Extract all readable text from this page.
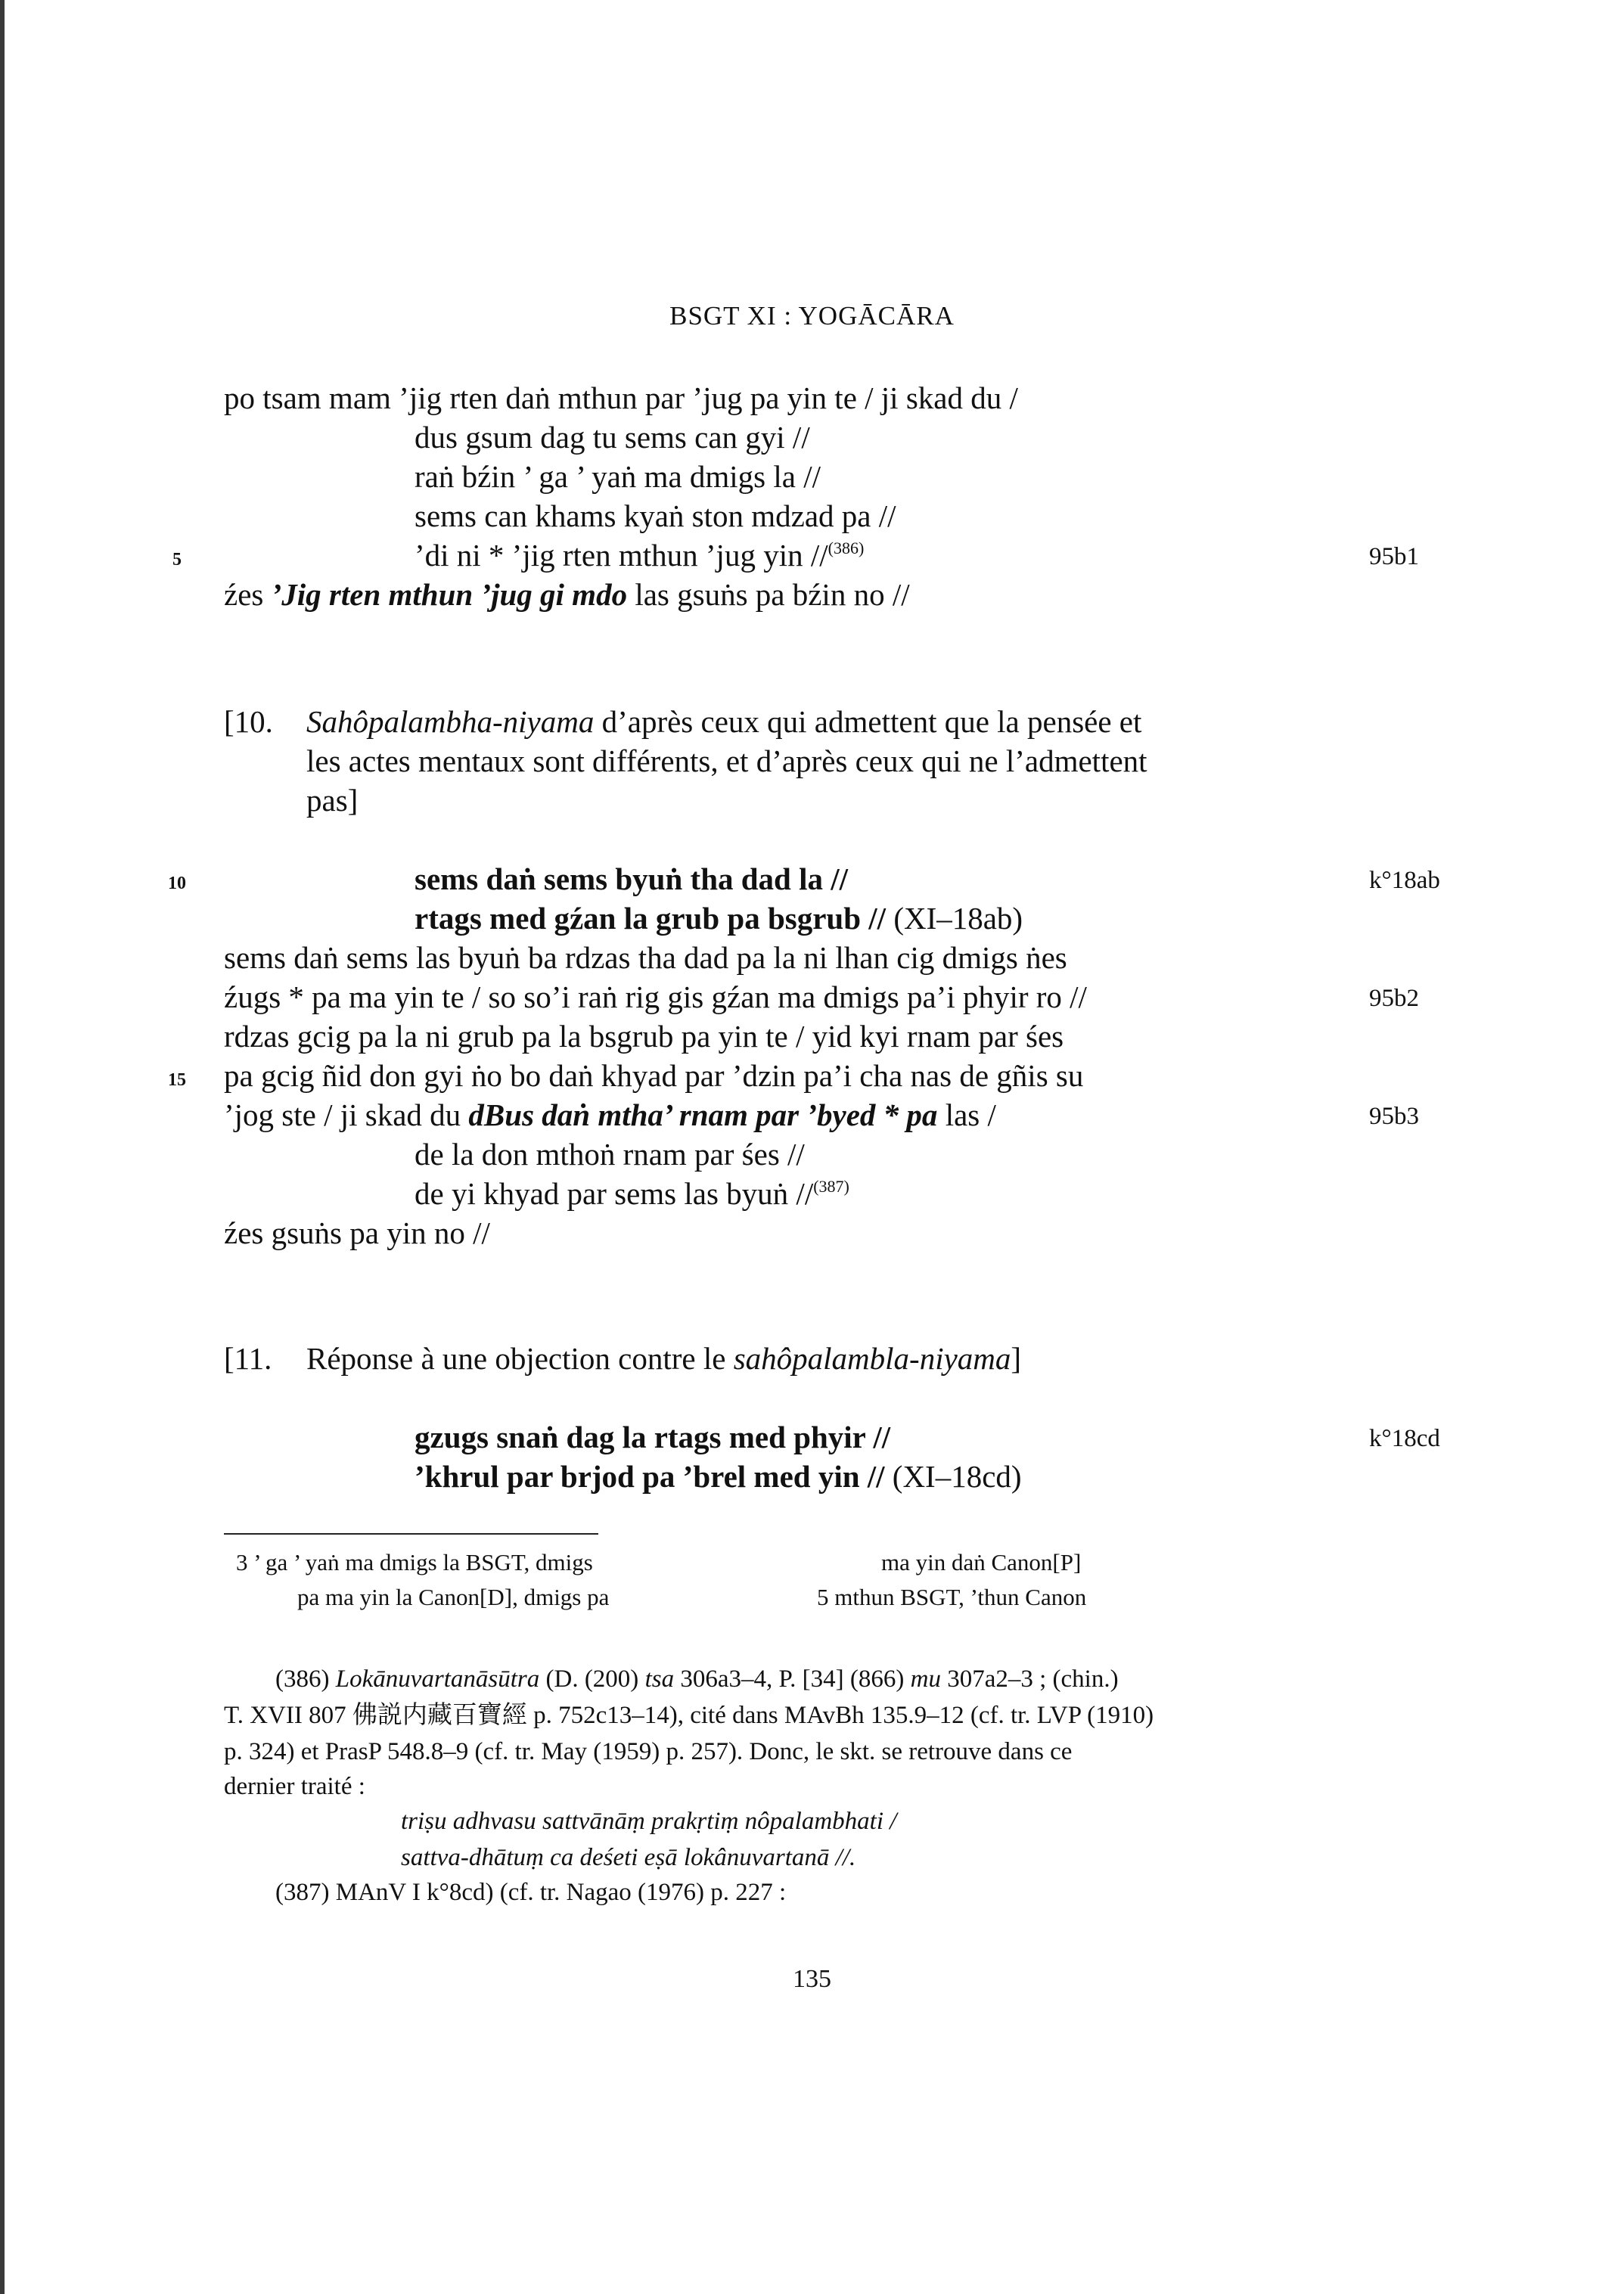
BSGT XI : YOGĀCĀRA
po tsam mam ’jig rten daṅ mthun par ’jug pa yin te / ji skad du /
dus gsum dag tu sems can gyi //
raṅ bźin ’ ga ’ yaṅ ma dmigs la //
sems can khams kyaṅ ston mdzad pa //
’di ni * ’jig rten mthun ’jug yin //$^{(386)}$
źes ’Jig rten mthun ’jug gi mdo las gsuṅs pa bźin no //
[10. Sahôpalambha-niyama d’après ceux qui admettent que la pensée et
les actes mentaux sont différents, et d’après ceux qui ne l’admettent
pas]
sems daṅ sems byuṅ tha dad la //
rtags med gźan la grub pa bsgrub // (XI–18ab)
sems daṅ sems las byuṅ ba rdzas tha dad pa la ni lhan cig dmigs ṅes
źugs * pa ma yin te / so so’i raṅ rig gis gźan ma dmigs pa’i phyir ro //
rdzas gcig pa la ni grub pa la bsgrub pa yin te / yid kyi rnam par śes
pa gcig ñid don gyi ṅo bo daṅ khyad par ’dzin pa’i cha nas de gñis su
’jog ste / ji skad du dBus daṅ mtha’ rnam par ’byed * pa las /
de la don mthoṅ rnam par śes //
de yi khyad par sems las byuṅ //$^{(387)}$
źes gsuṅs pa yin no //
[11. Réponse à une objection contre le sahôpalambla-niyama]
gzugs snaṅ dag la rtags med phyir //
’khrul par brjod pa ’brel med yin // (XI–18cd)
5
10
15
95b1
k°18ab
95b2
95b3
k°18cd
3 ’ ga ’ yaṅ ma dmigs la BSGT, dmigs
pa ma yin la Canon[D], dmigs pa
ma yin daṅ Canon[P]
5 mthun BSGT, ’thun Canon
(386) Lokānuvartanāsūtra (D. (200) tsa 306a3–4, P. [34] (866) mu 307a2–3 ; (chin.)
T. XVII 807 佛説内藏百寶經 p. 752c13–14), cité dans MAvBh 135.9–12 (cf. tr. LVP (1910)
p. 324) et PrasP 548.8–9 (cf. tr. May (1959) p. 257). Donc, le skt. se retrouve dans ce
dernier traité :
triṣu adhvasu sattvānāṃ prakṛtiṃ nôpalambhati /
sattva-dhātuṃ ca deśeti eṣā lokânuvartanā //.
(387) MAnV I k°8cd) (cf. tr. Nagao (1976) p. 227 :
135
